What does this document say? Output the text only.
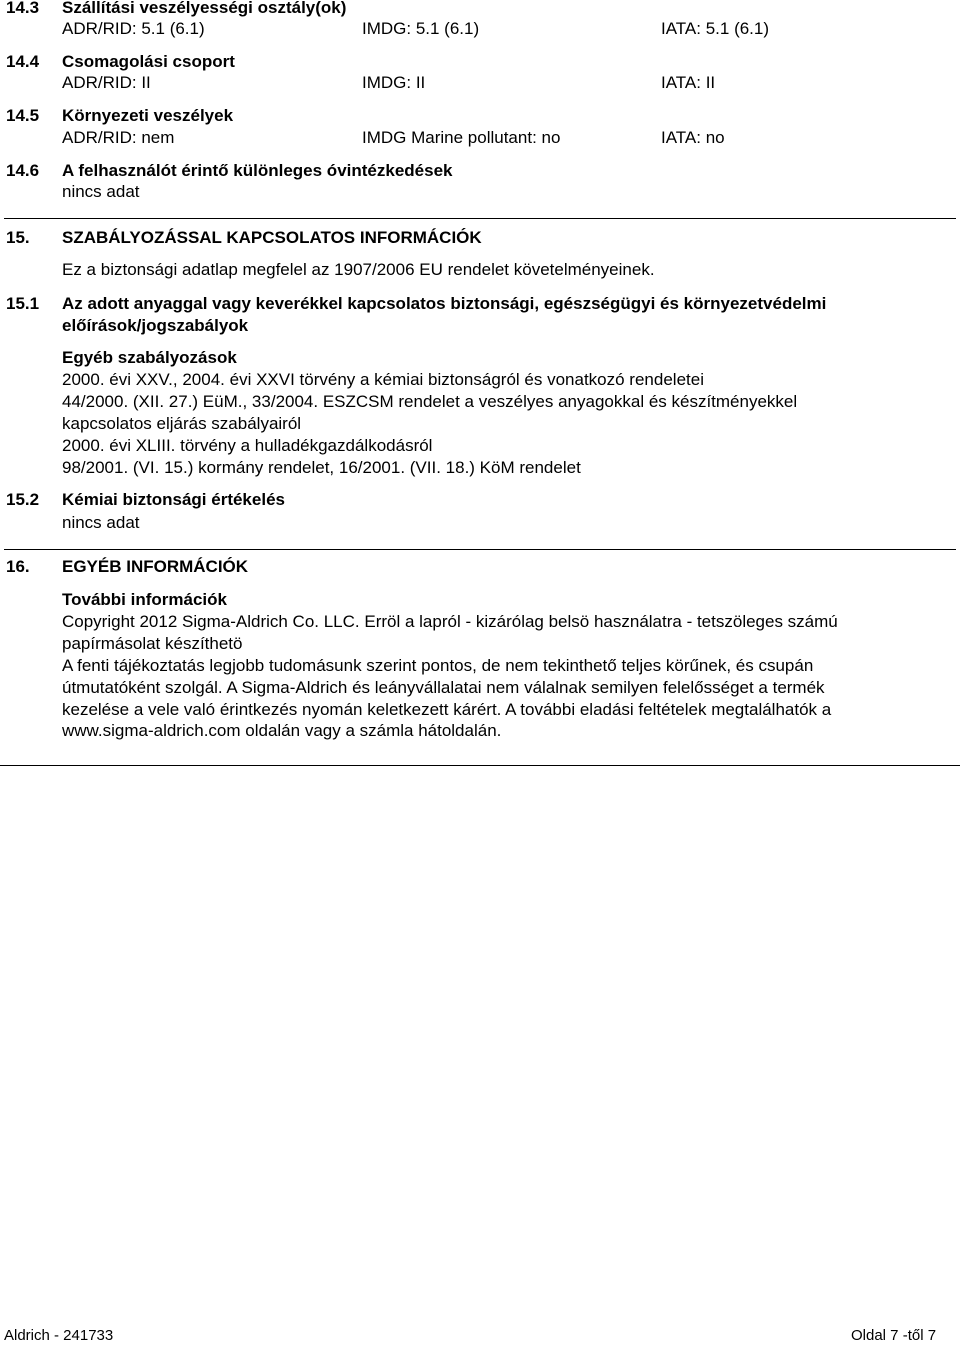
14.3 Szállítási veszélyességi osztály(ok)
ADR/RID: 5.1 (6.1)	IMDG: 5.1 (6.1)	IATA: 5.1 (6.1)
14.4 Csomagolási csoport
ADR/RID: II	IMDG: II	IATA: II
14.5 Környezeti veszélyek
ADR/RID: nem	IMDG Marine pollutant: no	IATA: no
14.6 A felhasználót érintő különleges óvintézkedések
nincs adat
15. SZABÁLYOZÁSSAL KAPCSOLATOS INFORMÁCIÓK
Ez a biztonsági adatlap megfelel az 1907/2006 EU rendelet követelményeinek.
15.1 Az adott anyaggal vagy keverékkel kapcsolatos biztonsági, egészségügyi és környezetvédelmi
előírások/jogszabályok
Egyéb szabályozások
2000. évi XXV., 2004. évi XXVI törvény a kémiai biztonságról és vonatkozó rendeletei
44/2000. (XII. 27.) EüM., 33/2004. ESZCSM rendelet a veszélyes anyagokkal és készítményekkel
kapcsolatos eljárás szabályairól
2000. évi XLIII. törvény a hulladékgazdálkodásról
98/2001. (VI. 15.) kormány rendelet, 16/2001. (VII. 18.) KöM rendelet
15.2 Kémiai biztonsági értékelés
nincs adat
16. EGYÉB INFORMÁCIÓK
További információk
Copyright 2012 Sigma-Aldrich Co. LLC. Erröl a lapról - kizárólag belsö használatra - tetszöleges számú
papírmásolat készíthetö
A fenti tájékoztatás legjobb tudomásunk szerint pontos, de nem tekinthető teljes körűnek, és csupán
útmutatóként szolgál. A Sigma-Aldrich és leányvállalatai nem válalnak semilyen felelősséget a termék
kezelése a vele való érintkezés nyomán keletkezett kárért. A további eladási feltételek megtalálhatók a
www.sigma-aldrich.com oldalán vagy a számla hátoldalán.
Aldrich - 241733	Oldal 7 -től 7
